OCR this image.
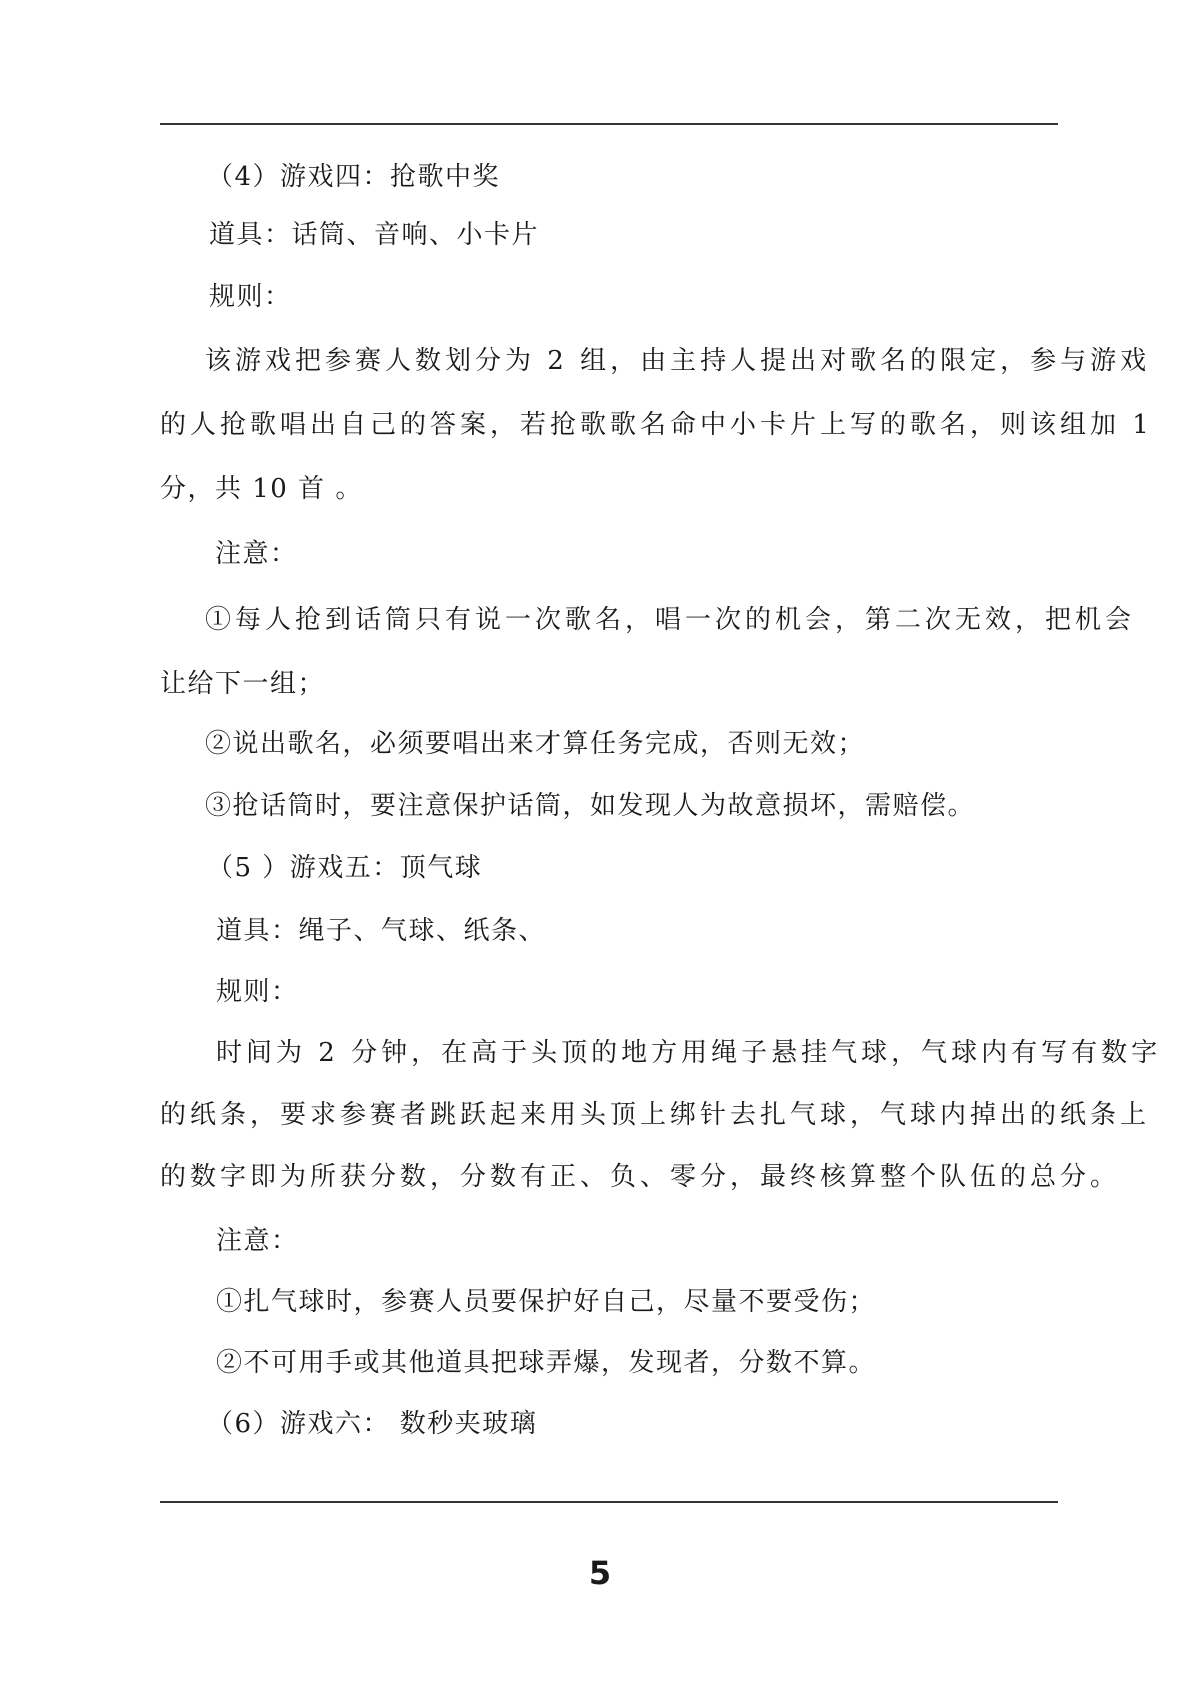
（4）游戏四：抢歌中奖
道具：话筒、音响、小卡片
规则：
该游戏把参赛人数划分为 2 组，由主持人提出对歌名的限定，参与游戏
的人抢歌唱出自己的答案，若抢歌歌名命中小卡片上写的歌名，则该组加 1
分，共 10 首 。
注意：
①每人抢到话筒只有说一次歌名，唱一次的机会，第二次无效，把机会
让给下一组；
②说出歌名，必须要唱出来才算任务完成，否则无效；
③抢话筒时，要注意保护话筒，如发现人为故意损坏，需赔偿。
（5 ）游戏五：顶气球
道具：绳子、气球、纸条、
规则：
时间为 2 分钟，在高于头顶的地方用绳子悬挂气球，气球内有写有数字
的纸条，要求参赛者跳跃起来用头顶上绑针去扎气球，气球内掉出的纸条上
的数字即为所获分数，分数有正、负、零分，最终核算整个队伍的总分。
注意：
①扎气球时，参赛人员要保护好自己，尽量不要受伤；
②不可用手或其他道具把球弄爆，发现者，分数不算。
（6）游戏六： 数秒夹玻璃
5
